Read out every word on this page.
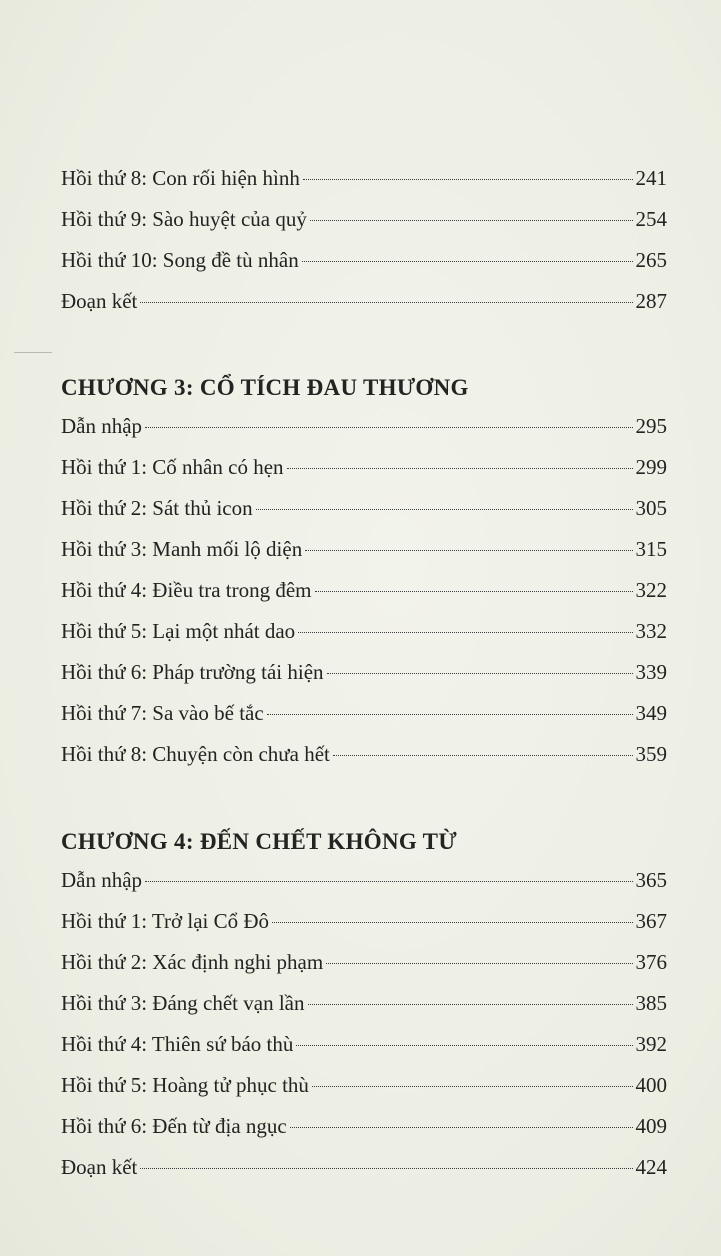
Hồi thứ 8: Con rối hiện hình	241
Hồi thứ 9: Sào huyệt của quỷ	254
Hồi thứ 10: Song đề tù nhân	265
Đoạn kết	287
CHƯƠNG 3: CỔ TÍCH ĐAU THƯƠNG
Dẫn nhập	295
Hồi thứ 1: Cố nhân có hẹn	299
Hồi thứ 2: Sát thủ icon	305
Hồi thứ 3: Manh mối lộ diện	315
Hồi thứ 4: Điều tra trong đêm	322
Hồi thứ 5: Lại một nhát dao	332
Hồi thứ 6: Pháp trường tái hiện	339
Hồi thứ 7: Sa vào bế tắc	349
Hồi thứ 8: Chuyện còn chưa hết	359
CHƯƠNG 4: ĐẾN CHẾT KHÔNG TỪ
Dẫn nhập	365
Hồi thứ 1: Trở lại Cổ Đô	367
Hồi thứ 2: Xác định nghi phạm	376
Hồi thứ 3: Đáng chết vạn lần	385
Hồi thứ 4: Thiên sứ báo thù	392
Hồi thứ 5: Hoàng tử phục thù	400
Hồi thứ 6: Đến từ địa ngục	409
Đoạn kết	424
